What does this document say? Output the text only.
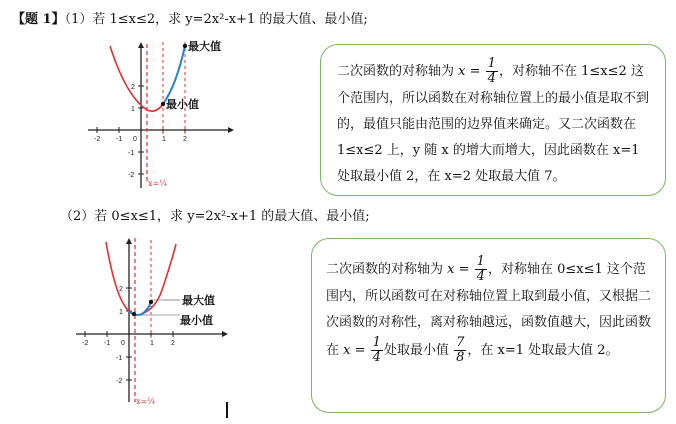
【题 1】（1）若 1≤x≤2，求 y=2x²-x+1 的最大值、最小值;
-2 -1 0	1 2
2
1
-1
-2
最大值
最小值
x=¼
二次函数的对称轴为 $x = \frac{1}{4}$ ，对称轴不在 1≤x≤2 这个范围内，所以函数在对称轴位置上的最小值是取不到的，最值只能由范围的边界值来确定。又二次函数在 1≤x≤2 上，y 随 x 的增大而增大，因此函数在 x=1 处取最小值 2，在 x=2 处取最大值 7。
（2）若 0≤x≤1，求 y=2x²-x+1 的最大值、最小值;
-2 -1 0	1 2
2
1
-1
-2
最大值
最小值
x=¼
二次函数的对称轴为 $x = \frac{1}{4}$ ，对称轴在 0≤x≤1 这个范围内，所以函数可在对称轴位置上取到最小值，又根据二次函数的对称性，离对称轴越远，函数值越大，因此函数在 $x = \frac{1}{4}$ 处取最小值 $\frac{7}{8}$ ，在 x=1 处取最大值 2。
